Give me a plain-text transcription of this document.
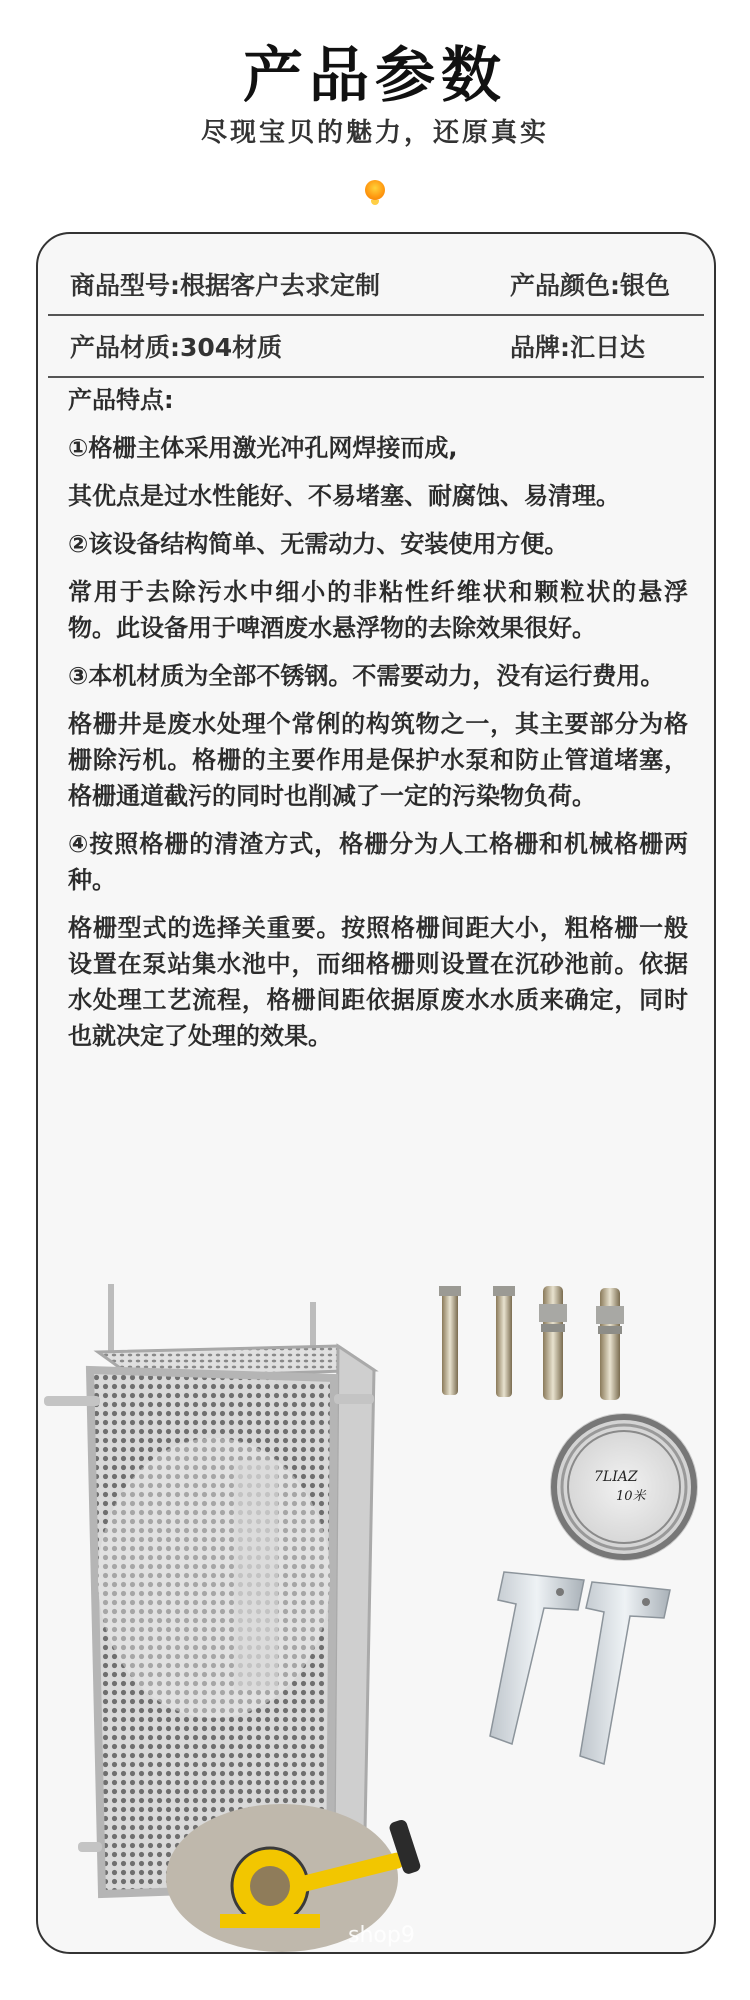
产品参数
尽现宝贝的魅力，还原真实
商品型号:根据客户去求定制	产品颜色:银色
产品材质:304材质	品牌:汇日达

产品特点:

①格栅主体采用激光冲孔网焊接而成,

其优点是过水性能好、不易堵塞、耐腐蚀、易清理。

②该设备结构简单、无需动力、安装使用方便。

常用于去除污水中细小的非粘性纤维状和颗粒状的悬浮物。此设备用于啤酒废水悬浮物的去除效果很好。

③本机材质为全部不锈钢。不需要动力，没有运行费用。

格栅井是废水处理个常俐的构筑物之一，其主要部分为格栅除污机。格栅的主要作用是保护水泵和防止管道堵塞，格栅通道截污的同时也削减了一定的污染物负荷。

④按照格栅的清渣方式，格栅分为人工格栅和机械格栅两种。

格栅型式的选择关重要。按照格栅间距大小，粗格栅一般设置在泵站集水池中，而细格栅则设置在沉砂池前。依据水处理工艺流程，格栅间距依据原废水水质来确定，同时也就决定了处理的效果。

7LIAZ
10米
shop9
